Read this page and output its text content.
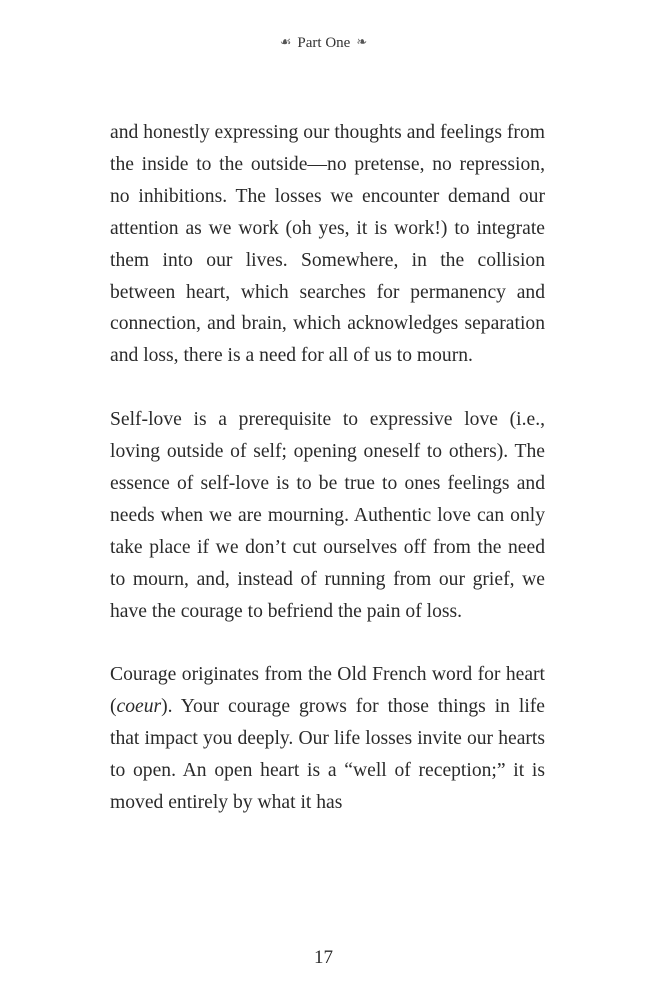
☙ Part One ❧

and honestly expressing our thoughts and feelings from the inside to the outside—no pretense, no repression, no inhibitions. The losses we encounter demand our attention as we work (oh yes, it is work!) to integrate them into our lives. Somewhere, in the collision between heart, which searches for permanency and connection, and brain, which acknowledges separation and loss, there is a need for all of us to mourn.

Self-love is a prerequisite to expressive love (i.e., loving outside of self; opening oneself to others). The essence of self-love is to be true to ones feelings and needs when we are mourning. Authentic love can only take place if we don’t cut ourselves off from the need to mourn, and, instead of running from our grief, we have the courage to befriend the pain of loss.

Courage originates from the Old French word for heart (coeur). Your courage grows for those things in life that impact you deeply. Our life losses invite our hearts to open. An open heart is a “well of reception;” it is moved entirely by what it has

17
